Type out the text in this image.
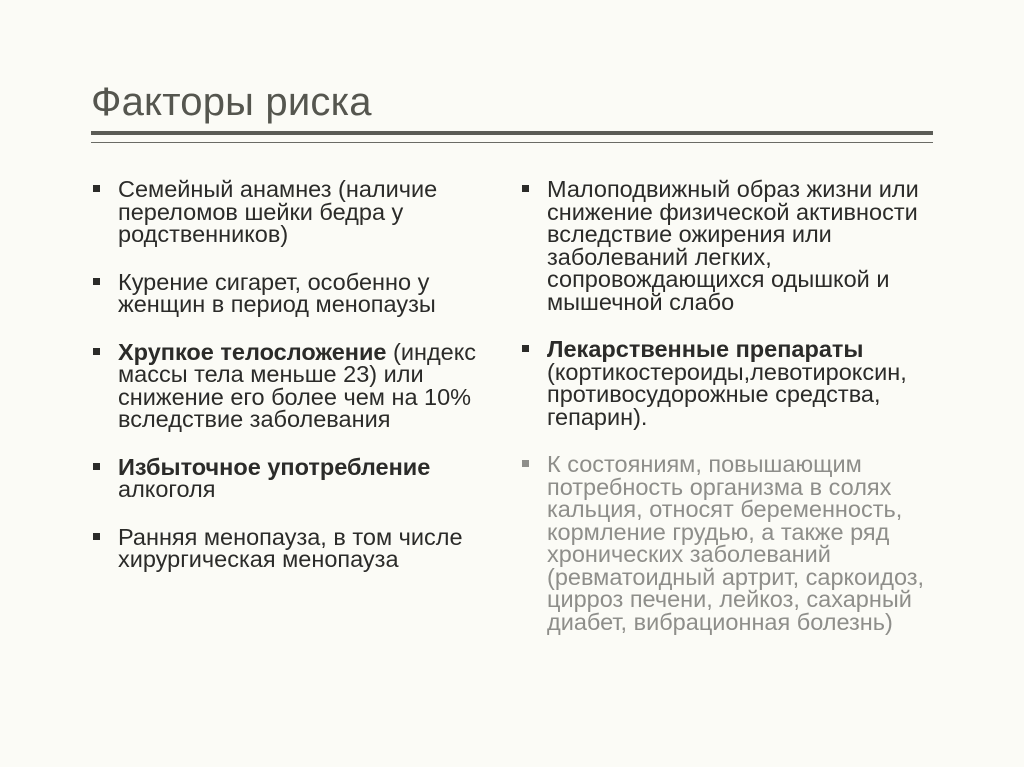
Факторы риска
Семейный анамнез (наличие переломов шейки бедра у родственников)
Курение сигарет, особенно у женщин в период менопаузы
Хрупкое телосложение (индекс массы тела меньше 23) или снижение его более чем на 10% вследствие заболевания
Избыточное употребление алкоголя
Ранняя менопауза, в том числе хирургическая менопауза
Малоподвижный образ жизни или снижение физической активности вследствие ожирения или заболеваний легких, сопровождающихся одышкой и мышечной слабо
Лекарственные препараты (кортикостероиды,левотироксин, противосудорожные средства, гепарин).
К состояниям, повышающим потребность организма в солях кальция, относят беременность, кормление грудью, а также ряд хронических заболеваний (ревматоидный артрит, саркоидоз, цирроз печени, лейкоз, сахарный диабет, вибрационная болезнь)
